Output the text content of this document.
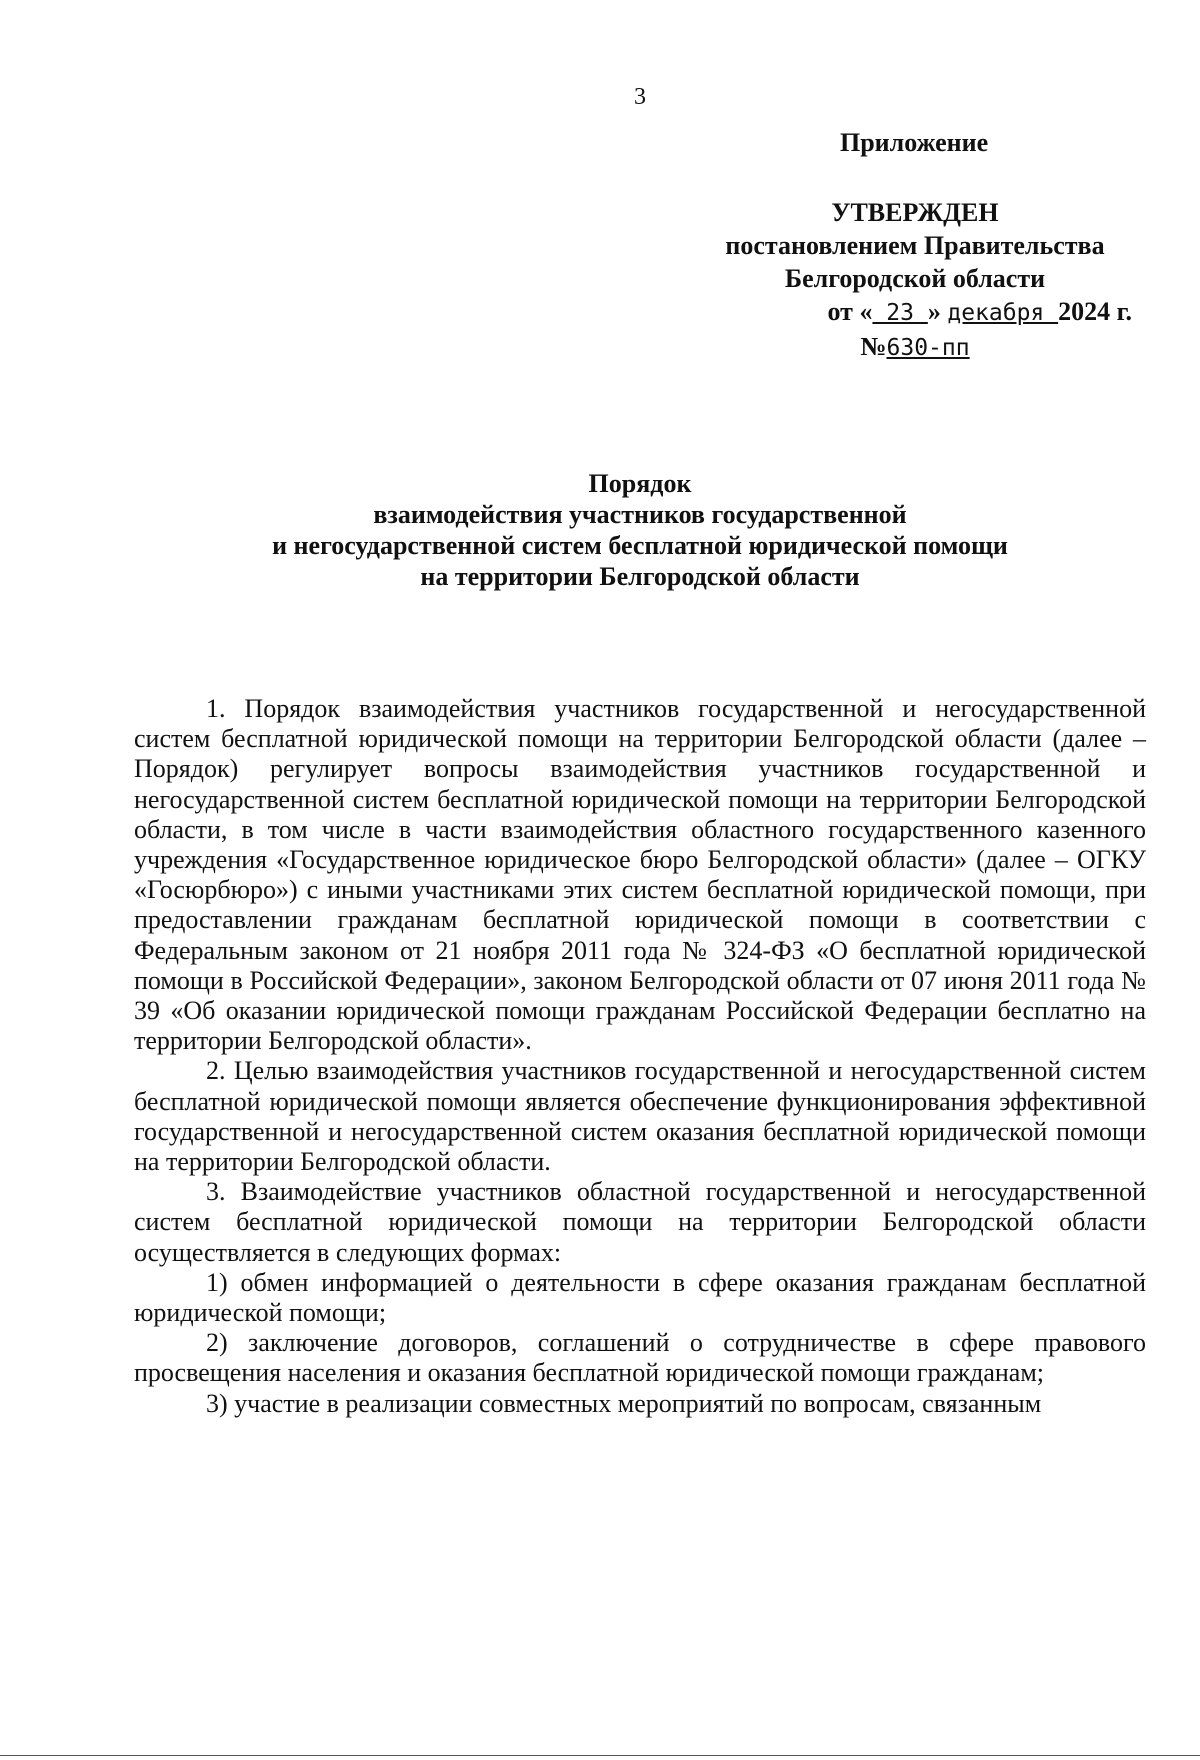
3
Приложение
УТВЕРЖДЕН
постановлением Правительства
Белгородской области
от « 23 » декабря 2024 г.
№630-пп
Порядок
взаимодействия участников государственной
и негосударственной систем бесплатной юридической помощи
на территории Белгородской области

1. Порядок взаимодействия участников государственной и негосударственной систем бесплатной юридической помощи на территории Белгородской области (далее – Порядок) регулирует вопросы взаимодействия участников государственной и негосударственной систем бесплатной юридической помощи на территории Белгородской области, в том числе в части взаимодействия областного государственного казенного учреждения «Государственное юридическое бюро Белгородской области» (далее – ОГКУ «Госюрбюро») с иными участниками этих систем бесплатной юридической помощи, при предоставлении гражданам бесплатной юридической помощи в соответствии с Федеральным законом от 21 ноября 2011 года № 324-ФЗ «О бесплатной юридической помощи в Российской Федерации», законом Белгородской области от 07 июня 2011 года № 39 «Об оказании юридической помощи гражданам Российской Федерации бесплатно на территории Белгородской области».

2. Целью взаимодействия участников государственной и негосударственной систем бесплатной юридической помощи является обеспечение функционирования эффективной государственной и негосударственной систем оказания бесплатной юридической помощи на территории Белгородской области.

3. Взаимодействие участников областной государственной и негосударственной систем бесплатной юридической помощи на территории Белгородской области осуществляется в следующих формах:

1) обмен информацией о деятельности в сфере оказания гражданам бесплатной юридической помощи;

2) заключение договоров, соглашений о сотрудничестве в сфере правового просвещения населения и оказания бесплатной юридической помощи гражданам;

3) участие в реализации совместных мероприятий по вопросам, связанным
